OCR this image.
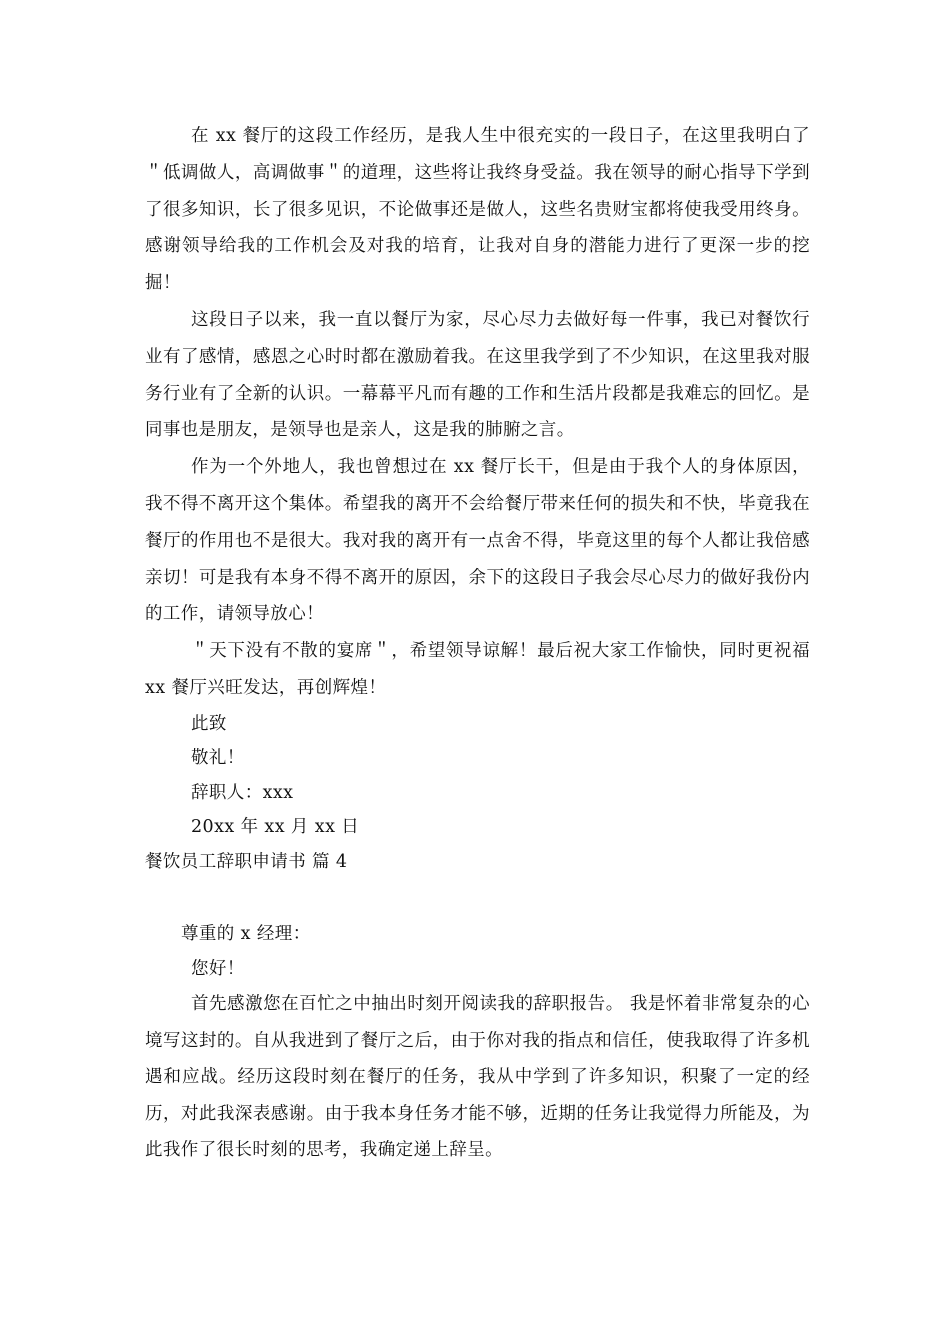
在 xx 餐厅的这段工作经历，是我人生中很充实的一段日子，在这里我明白了＂低调做人，高调做事＂的道理，这些将让我终身受益。我在领导的耐心指导下学到了很多知识，长了很多见识，不论做事还是做人，这些名贵财宝都将使我受用终身。感谢领导给我的工作机会及对我的培育，让我对自身的潜能力进行了更深一步的挖掘！

这段日子以来，我一直以餐厅为家，尽心尽力去做好每一件事，我已对餐饮行业有了感情，感恩之心时时都在激励着我。在这里我学到了不少知识，在这里我对服务行业有了全新的认识。一幕幕平凡而有趣的工作和生活片段都是我难忘的回忆。是同事也是朋友，是领导也是亲人，这是我的肺腑之言。

作为一个外地人，我也曾想过在 xx 餐厅长干，但是由于我个人的身体原因，我不得不离开这个集体。希望我的离开不会给餐厅带来任何的损失和不快，毕竟我在餐厅的作用也不是很大。我对我的离开有一点舍不得，毕竟这里的每个人都让我倍感亲切！可是我有本身不得不离开的原因，余下的这段日子我会尽心尽力的做好我份内的工作，请领导放心！

＂天下没有不散的宴席＂，希望领导谅解！最后祝大家工作愉快，同时更祝福 xx 餐厅兴旺发达，再创辉煌！

此致

敬礼！

辞职人：xxx

20xx 年 xx 月 xx 日

餐饮员工辞职申请书 篇 4

尊重的 x 经理：

您好！

首先感激您在百忙之中抽出时刻开阅读我的辞职报告。 我是怀着非常复杂的心境写这封的。自从我进到了餐厅之后，由于你对我的指点和信任，使我取得了许多机遇和应战。经历这段时刻在餐厅的任务，我从中学到了许多知识，积聚了一定的经历，对此我深表感谢。由于我本身任务才能不够，近期的任务让我觉得力所能及，为此我作了很长时刻的思考，我确定递上辞呈。
